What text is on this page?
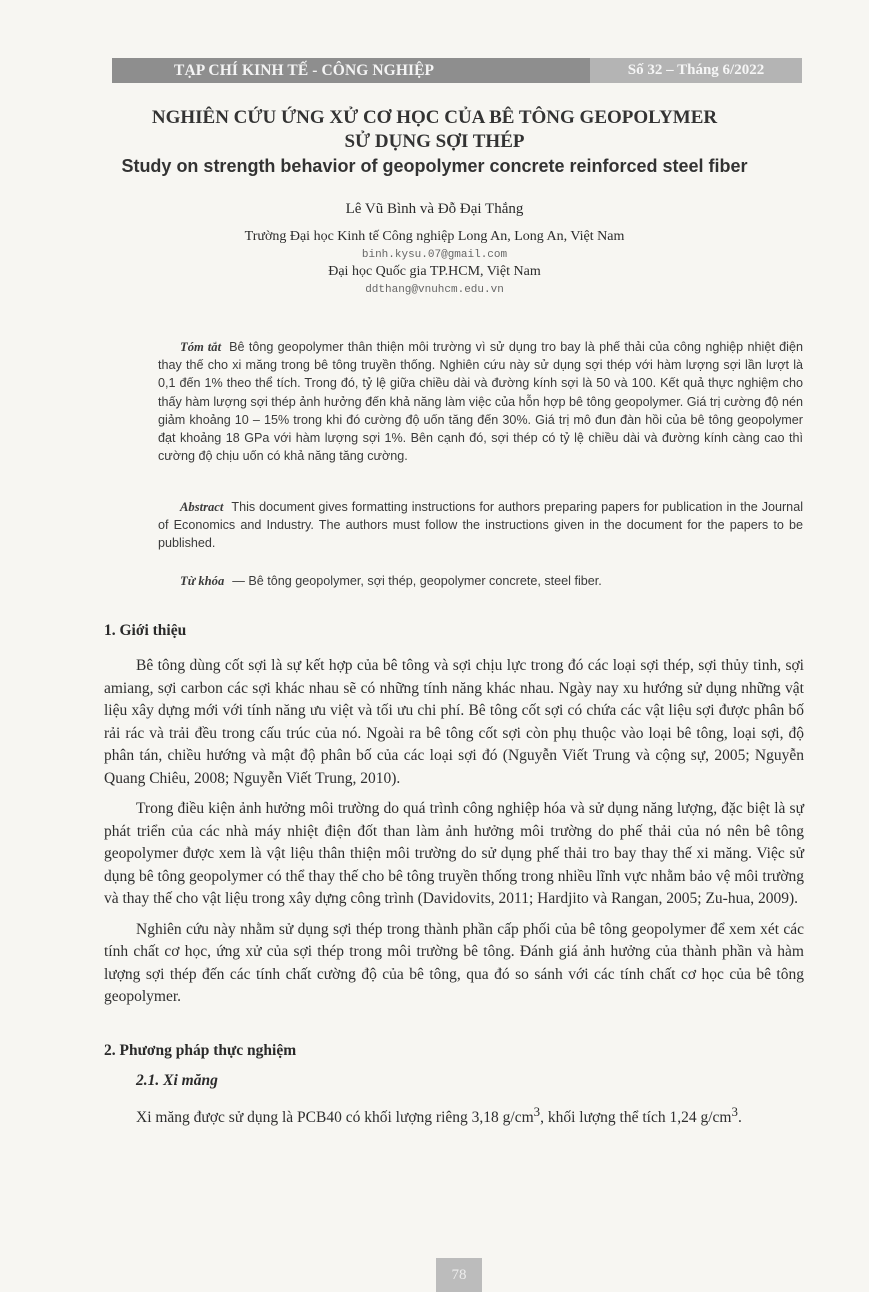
TẠP CHÍ KINH TẾ - CÔNG NGHIỆP	Số 32 – Tháng 6/2022
NGHIÊN CỨU ỨNG XỬ CƠ HỌC CỦA BÊ TÔNG GEOPOLYMER
SỬ DỤNG SỢI THÉP
Study on strength behavior of geopolymer concrete reinforced steel fiber
Lê Vũ Bình và Đỗ Đại Thắng
Trường Đại học Kinh tế Công nghiệp Long An, Long An, Việt Nam
binh.kysu.07@gmail.com
Đại học Quốc gia TP.HCM, Việt Nam
ddthang@vnuhcm.edu.vn
Tóm tắt Bê tông geopolymer thân thiện môi trường vì sử dụng tro bay là phế thải của công nghiệp nhiệt điện thay thế cho xi măng trong bê tông truyền thống. Nghiên cứu này sử dụng sợi thép với hàm lượng sợi lần lượt là 0,1 đến 1% theo thể tích. Trong đó, tỷ lệ giữa chiều dài và đường kính sợi là 50 và 100. Kết quả thực nghiệm cho thấy hàm lượng sợi thép ảnh hưởng đến khả năng làm việc của hỗn hợp bê tông geopolymer. Giá trị cường độ nén giảm khoảng 10 – 15% trong khi đó cường độ uốn tăng đến 30%. Giá trị mô đun đàn hồi của bê tông geopolymer đạt khoảng 18 GPa với hàm lượng sợi 1%. Bên cạnh đó, sợi thép có tỷ lệ chiều dài và đường kính càng cao thì cường độ chịu uốn có khả năng tăng cường.
Abstract This document gives formatting instructions for authors preparing papers for publication in the Journal of Economics and Industry. The authors must follow the instructions given in the document for the papers to be published.
Từ khóa — Bê tông geopolymer, sợi thép, geopolymer concrete, steel fiber.
1. Giới thiệu

Bê tông dùng cốt sợi là sự kết hợp của bê tông và sợi chịu lực trong đó các loại sợi thép, sợi thủy tinh, sợi amiang, sợi carbon các sợi khác nhau sẽ có những tính năng khác nhau. Ngày nay xu hướng sử dụng những vật liệu xây dựng mới với tính năng ưu việt và tối ưu chi phí. Bê tông cốt sợi có chứa các vật liệu sợi được phân bố rải rác và trải đều trong cấu trúc của nó. Ngoài ra bê tông cốt sợi còn phụ thuộc vào loại bê tông, loại sợi, độ phân tán, chiều hướng và mật độ phân bố của các loại sợi đó (Nguyễn Viết Trung và cộng sự, 2005; Nguyễn Quang Chiêu, 2008; Nguyễn Viết Trung, 2010).

Trong điều kiện ảnh hưởng môi trường do quá trình công nghiệp hóa và sử dụng năng lượng, đặc biệt là sự phát triển của các nhà máy nhiệt điện đốt than làm ảnh hưởng môi trường do phế thải của nó nên bê tông geopolymer được xem là vật liệu thân thiện môi trường do sử dụng phế thải tro bay thay thế xi măng. Việc sử dụng bê tông geopolymer có thể thay thế cho bê tông truyền thống trong nhiều lĩnh vực nhằm bảo vệ môi trường và thay thế cho vật liệu trong xây dựng công trình (Davidovits, 2011; Hardjito và Rangan, 2005; Zu-hua, 2009).

Nghiên cứu này nhằm sử dụng sợi thép trong thành phần cấp phối của bê tông geopolymer để xem xét các tính chất cơ học, ứng xử của sợi thép trong môi trường bê tông. Đánh giá ảnh hưởng của thành phần và hàm lượng sợi thép đến các tính chất cường độ của bê tông, qua đó so sánh với các tính chất cơ học của bê tông geopolymer.

2. Phương pháp thực nghiệm
2.1. Xi măng

Xi măng được sử dụng là PCB40 có khối lượng riêng 3,18 $g/cm^3$, khối lượng thể tích 1,24 $g/cm^3$.

78
